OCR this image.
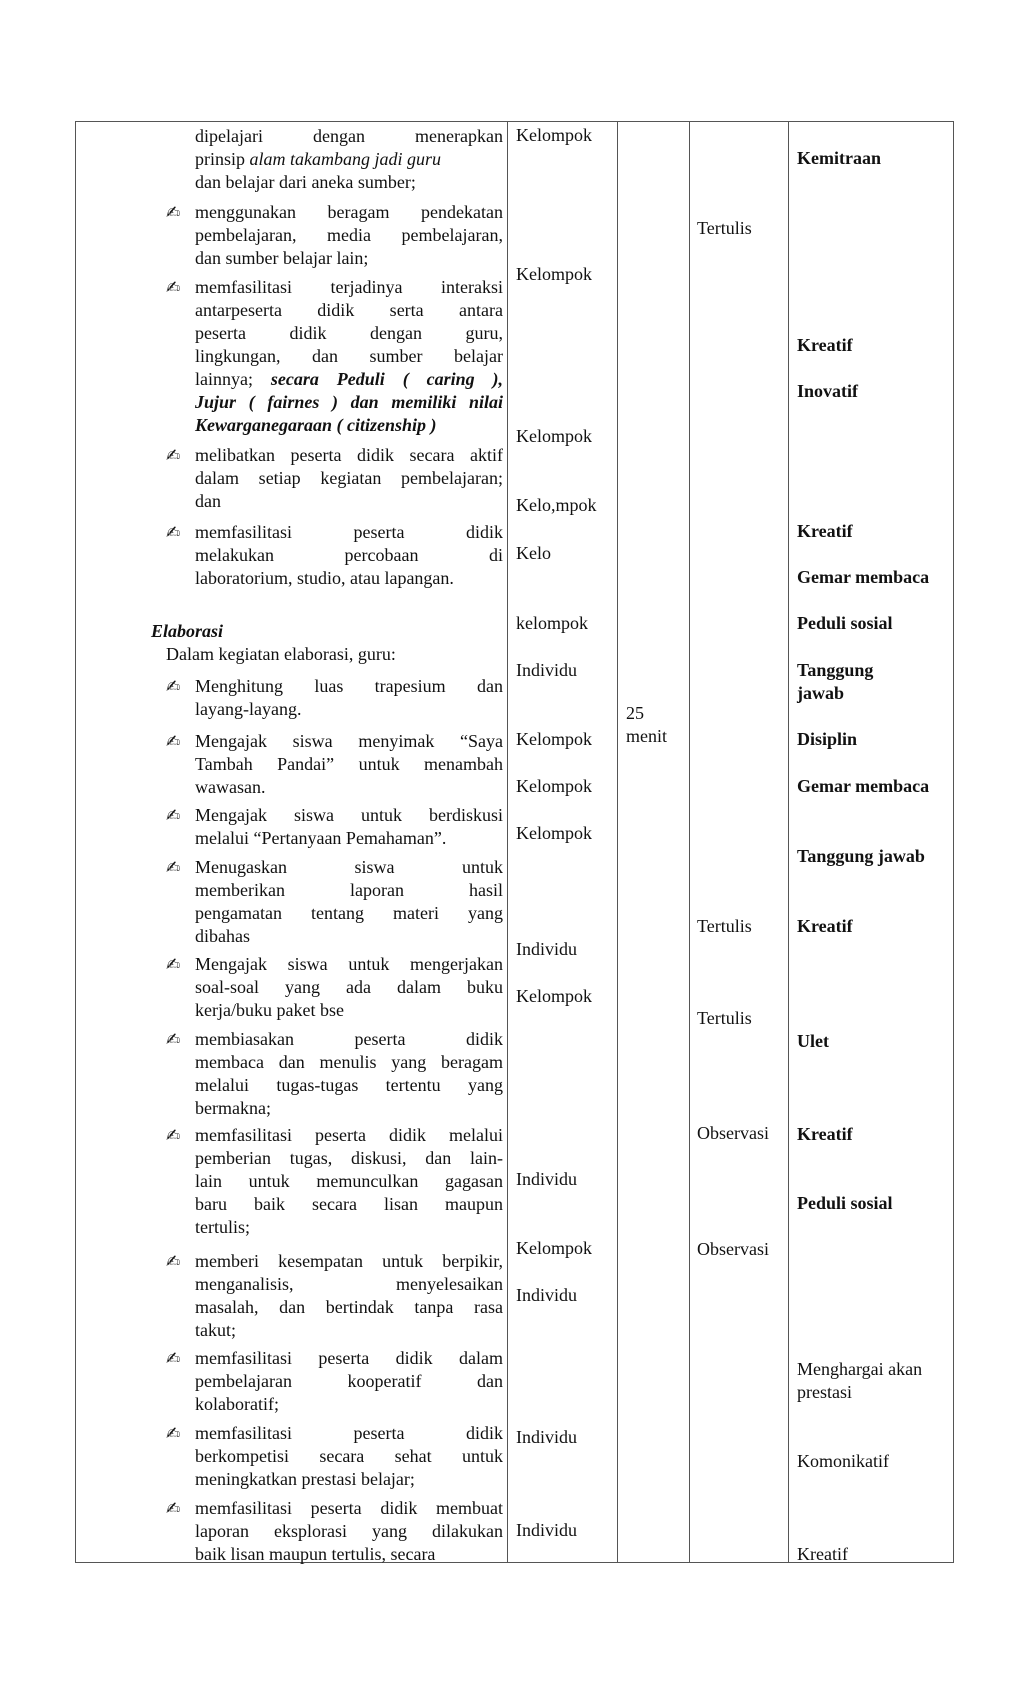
dipelajari dengan menerapkan
prinsip alam takambang jadi guru
dan belajar dari aneka sumber;
✍ menggunakan beragam pendekatan
pembelajaran, media pembelajaran,
dan sumber belajar lain;
✍ memfasilitasi terjadinya interaksi
antarpeserta didik serta antara
peserta didik dengan guru,
lingkungan, dan sumber belajar
lainnya; secara Peduli ( caring ),
Jujur ( fairnes ) dan memiliki nilai
Kewarganegaraan ( citizenship )
✍ melibatkan peserta didik secara aktif
dalam setiap kegiatan pembelajaran;
dan
✍ memfasilitasi peserta didik
melakukan percobaan di
laboratorium, studio, atau lapangan.
Elaborasi
Dalam kegiatan elaborasi, guru:
✍ Menghitung luas trapesium dan
layang-layang.
✍ Mengajak siswa menyimak “Saya
Tambah Pandai” untuk menambah
wawasan.
✍ Mengajak siswa untuk berdiskusi
melalui “Pertanyaan Pemahaman”.
✍ Menugaskan siswa untuk
memberikan laporan hasil
pengamatan tentang materi yang
dibahas
✍ Mengajak siswa untuk mengerjakan
soal-soal yang ada dalam buku
kerja/buku paket bse
✍ membiasakan peserta didik
membaca dan menulis yang beragam
melalui tugas-tugas tertentu yang
bermakna;
✍ memfasilitasi peserta didik melalui
pemberian tugas, diskusi, dan lain-
lain untuk memunculkan gagasan
baru baik secara lisan maupun
tertulis;
✍ memberi kesempatan untuk berpikir,
menganalisis, menyelesaikan
masalah, dan bertindak tanpa rasa
takut;
✍ memfasilitasi peserta didik dalam
pembelajaran kooperatif dan
kolaboratif;
✍ memfasilitasi peserta didik
berkompetisi secara sehat untuk
meningkatkan prestasi belajar;
✍ memfasilitasi peserta didik membuat
laporan eksplorasi yang dilakukan
baik lisan maupun tertulis, secara
Kelompok
Kelompok
Kelompok
Kelo,mpok
Kelo
kelompok
Individu
Kelompok
Kelompok
Kelompok
Individu
Kelompok
Individu
Kelompok
Individu
Individu
Individu
25
menit
Tertulis
Tertulis
Tertulis
Observasi
Observasi
Kemitraan
Kreatif
Inovatif
Kreatif
Gemar membaca
Peduli sosial
Tanggung
jawab
Disiplin
Gemar membaca
Tanggung jawab
Kreatif
Ulet
Kreatif
Peduli sosial
Menghargai akan
prestasi
Komonikatif
Kreatif
